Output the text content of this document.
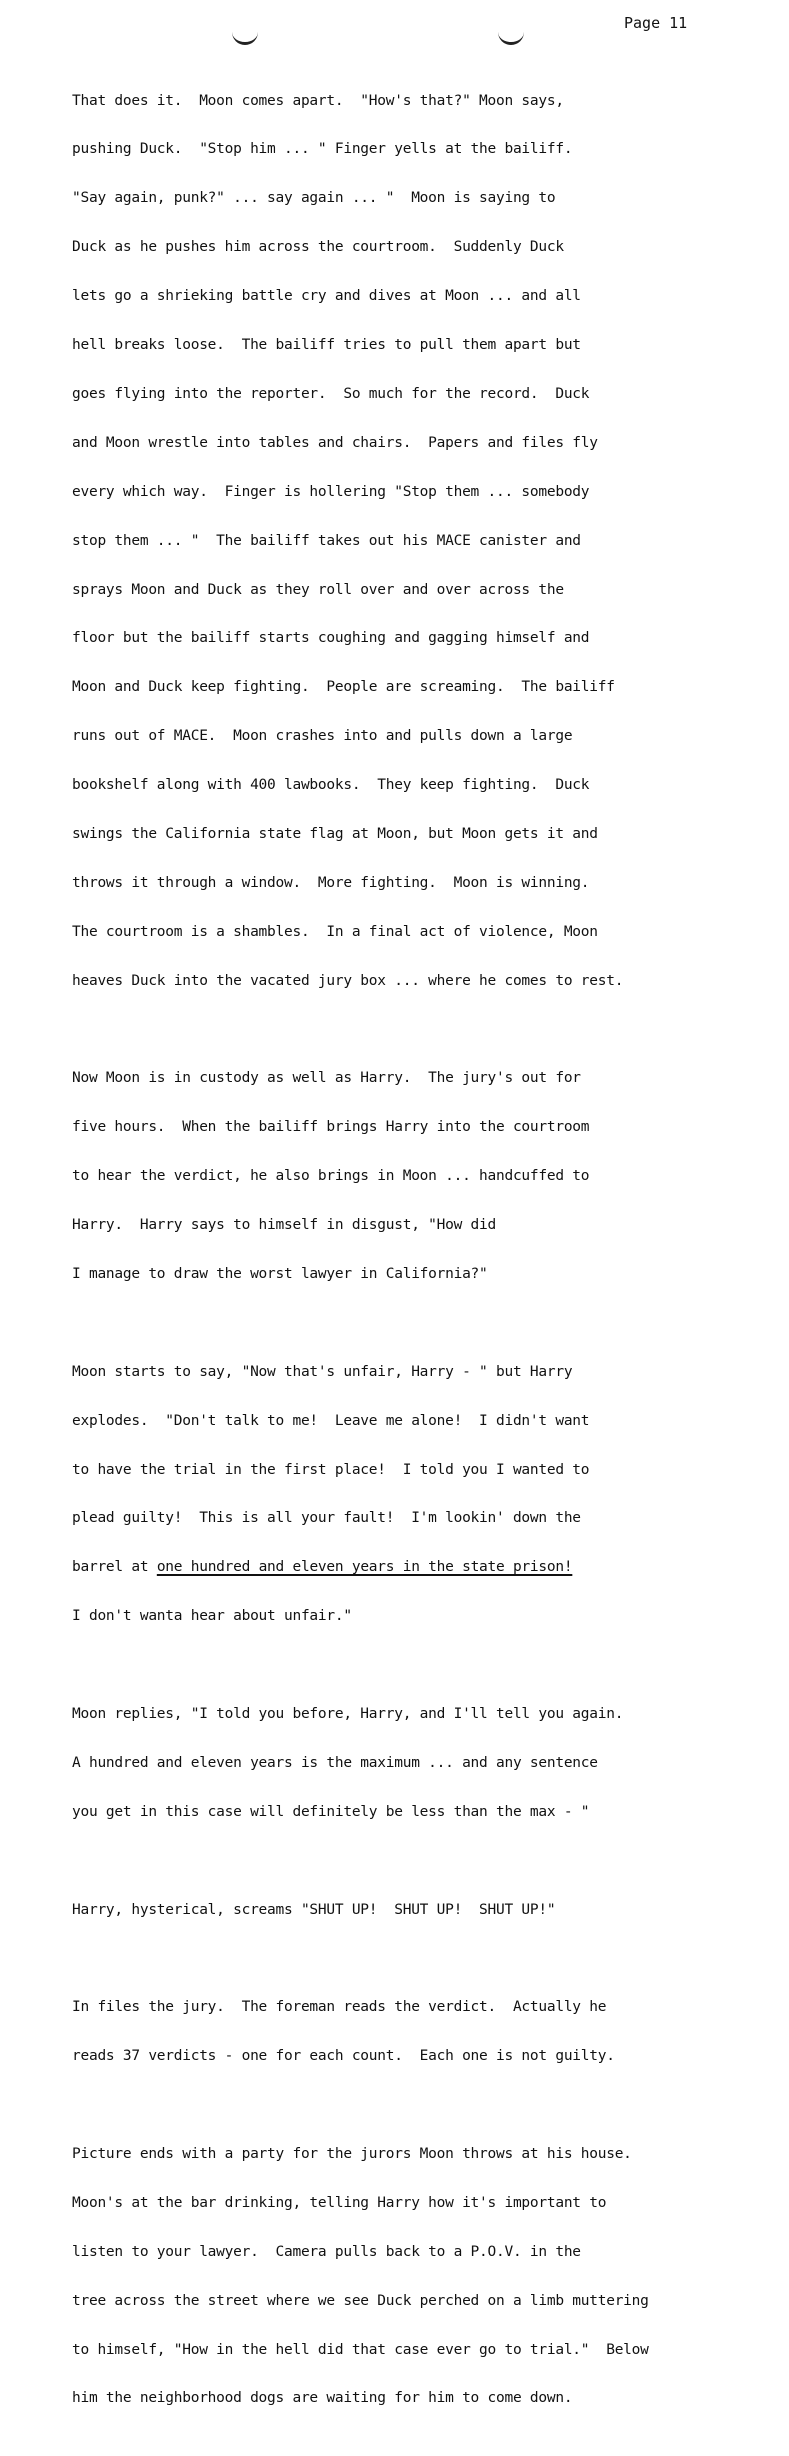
Page 11

That does it.  Moon comes apart.  "How's that?" Moon says,

pushing Duck.  "Stop him ... " Finger yells at the bailiff.

"Say again, punk?" ... say again ... "  Moon is saying to

Duck as he pushes him across the courtroom.  Suddenly Duck

lets go a shrieking battle cry and dives at Moon ... and all

hell breaks loose.  The bailiff tries to pull them apart but

goes flying into the reporter.  So much for the record.  Duck

and Moon wrestle into tables and chairs.  Papers and files fly

every which way.  Finger is hollering "Stop them ... somebody

stop them ... "  The bailiff takes out his MACE canister and

sprays Moon and Duck as they roll over and over across the

floor but the bailiff starts coughing and gagging himself and

Moon and Duck keep fighting.  People are screaming.  The bailiff

runs out of MACE.  Moon crashes into and pulls down a large

bookshelf along with 400 lawbooks.  They keep fighting.  Duck

swings the California state flag at Moon, but Moon gets it and

throws it through a window.  More fighting.  Moon is winning.

The courtroom is a shambles.  In a final act of violence, Moon

heaves Duck into the vacated jury box ... where he comes to rest.

Now Moon is in custody as well as Harry.  The jury's out for

five hours.  When the bailiff brings Harry into the courtroom

to hear the verdict, he also brings in Moon ... handcuffed to

Harry.  Harry says to himself in disgust, "How did

I manage to draw the worst lawyer in California?"

Moon starts to say, "Now that's unfair, Harry - " but Harry

explodes.  "Don't talk to me!  Leave me alone!  I didn't want

to have the trial in the first place!  I told you I wanted to

plead guilty!  This is all your fault!  I'm lookin' down the

barrel at one hundred and eleven years in the state prison!

I don't wanta hear about unfair."

Moon replies, "I told you before, Harry, and I'll tell you again.

A hundred and eleven years is the maximum ... and any sentence

you get in this case will definitely be less than the max - "

Harry, hysterical, screams "SHUT UP!  SHUT UP!  SHUT UP!"

In files the jury.  The foreman reads the verdict.  Actually he

reads 37 verdicts - one for each count.  Each one is not guilty.

Picture ends with a party for the jurors Moon throws at his house.

Moon's at the bar drinking, telling Harry how it's important to

listen to your lawyer.  Camera pulls back to a P.O.V. in the

tree across the street where we see Duck perched on a limb muttering

to himself, "How in the hell did that case ever go to trial."  Below

him the neighborhood dogs are waiting for him to come down.
